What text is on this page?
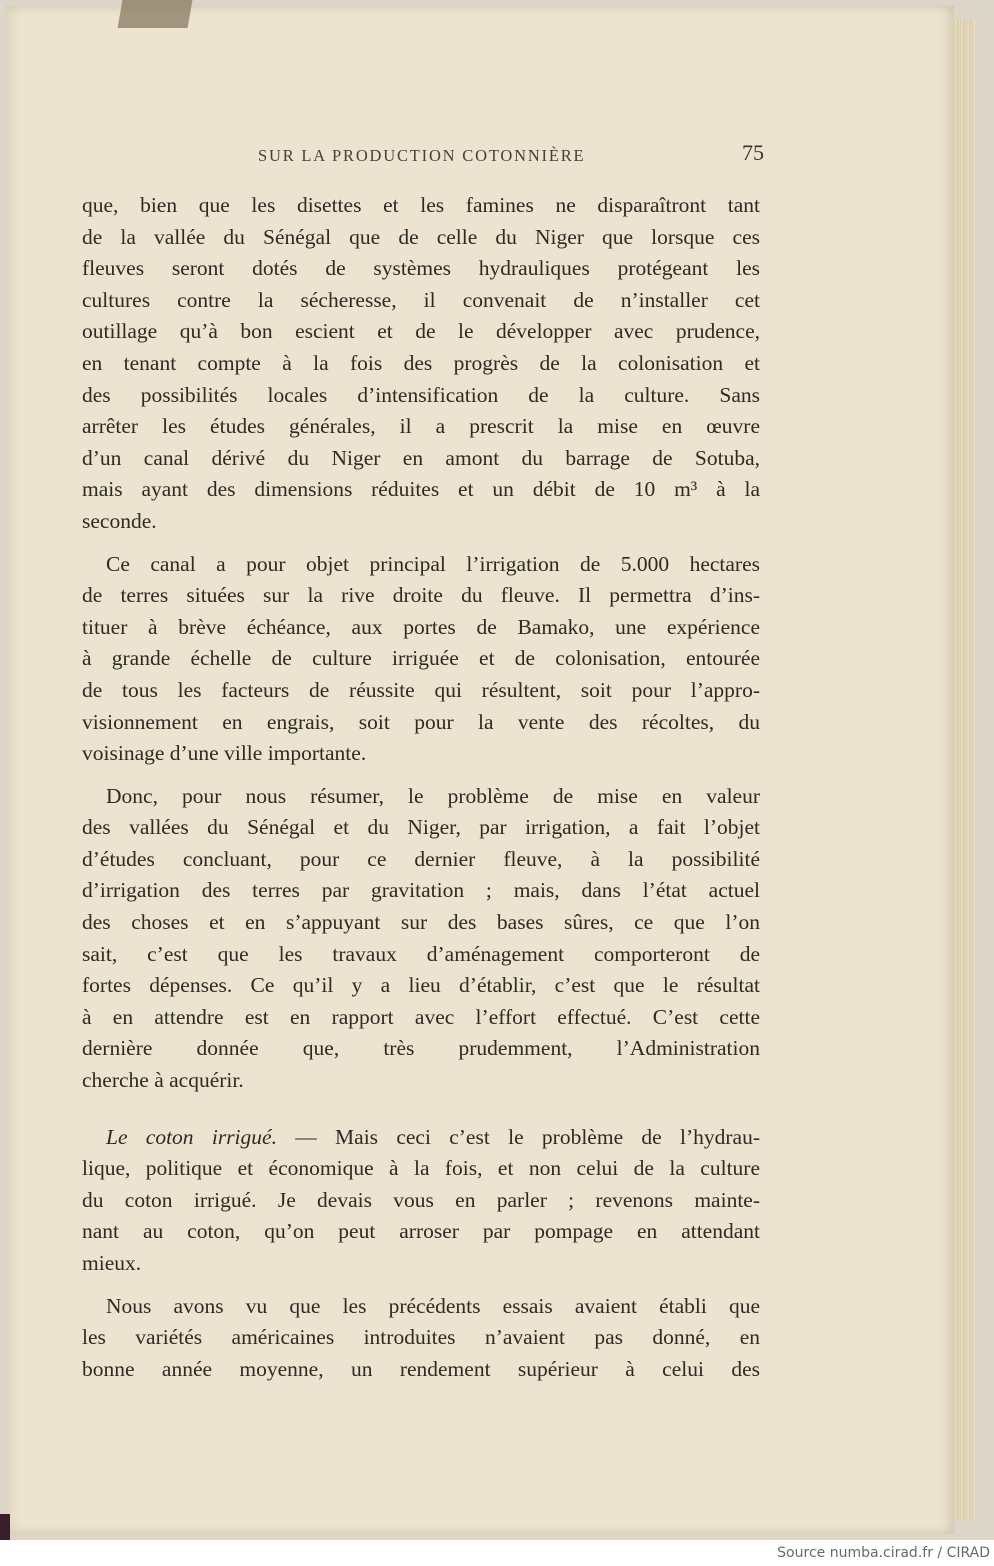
SUR LA PRODUCTION COTONNIÈRE	75
que, bien que les disettes et les famines ne disparaîtront tant
de la vallée du Sénégal que de celle du Niger que lorsque ces
fleuves seront dotés de systèmes hydrauliques protégeant les
cultures contre la sécheresse, il convenait de n’installer cet
outillage qu’à bon escient et de le développer avec prudence,
en tenant compte à la fois des progrès de la colonisation et
des possibilités locales d’intensification de la culture. Sans
arrêter les études générales, il a prescrit la mise en œuvre
d’un canal dérivé du Niger en amont du barrage de Sotuba,
mais ayant des dimensions réduites et un débit de 10 m³ à la
seconde.
Ce canal a pour objet principal l’irrigation de 5.000 hectares
de terres situées sur la rive droite du fleuve. Il permettra d’ins-
tituer à brève échéance, aux portes de Bamako, une expérience
à grande échelle de culture irriguée et de colonisation, entourée
de tous les facteurs de réussite qui résultent, soit pour l’appro-
visionnement en engrais, soit pour la vente des récoltes, du
voisinage d’une ville importante.
Donc, pour nous résumer, le problème de mise en valeur
des vallées du Sénégal et du Niger, par irrigation, a fait l’objet
d’études concluant, pour ce dernier fleuve, à la possibilité
d’irrigation des terres par gravitation ; mais, dans l’état actuel
des choses et en s’appuyant sur des bases sûres, ce que l’on
sait, c’est que les travaux d’aménagement comporteront de
fortes dépenses. Ce qu’il y a lieu d’établir, c’est que le résultat
à en attendre est en rapport avec l’effort effectué. C’est cette
dernière donnée que, très prudemment, l’Administration
cherche à acquérir.
Le coton irrigué. — Mais ceci c’est le problème de l’hydrau-
lique, politique et économique à la fois, et non celui de la culture
du coton irrigué. Je devais vous en parler ; revenons mainte-
nant au coton, qu’on peut arroser par pompage en attendant
mieux.
Nous avons vu que les précédents essais avaient établi que
les variétés américaines introduites n’avaient pas donné, en
bonne année moyenne, un rendement supérieur à celui des
Source numba.cirad.fr / CIRAD
